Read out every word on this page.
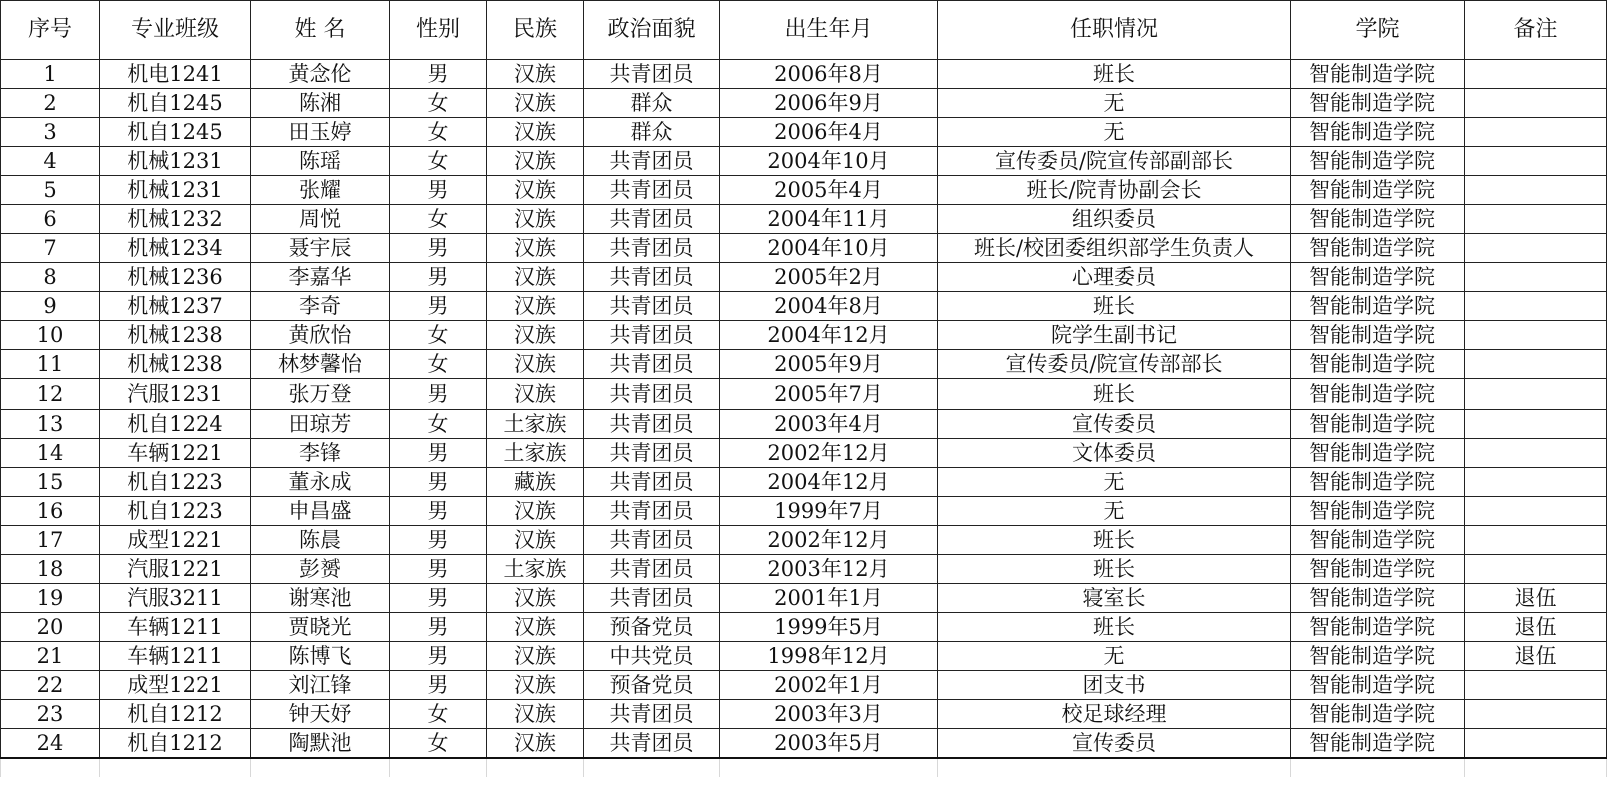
序号	专业班级	姓 名	性别	民族	政治面貌	出生年月	任职情况	学院	备注
1	机电1241	黄念伦	男	汉族	共青团员	2006年8月	班长	智能制造学院	
2	机自1245	陈湘	女	汉族	群众	2006年9月	无	智能制造学院	
3	机自1245	田玉婷	女	汉族	群众	2006年4月	无	智能制造学院	
4	机械1231	陈瑶	女	汉族	共青团员	2004年10月	宣传委员/院宣传部副部长	智能制造学院	
5	机械1231	张耀	男	汉族	共青团员	2005年4月	班长/院青协副会长	智能制造学院	
6	机械1232	周悦	女	汉族	共青团员	2004年11月	组织委员	智能制造学院	
7	机械1234	聂宇辰	男	汉族	共青团员	2004年10月	班长/校团委组织部学生负责人	智能制造学院	
8	机械1236	李嘉华	男	汉族	共青团员	2005年2月	心理委员	智能制造学院	
9	机械1237	李奇	男	汉族	共青团员	2004年8月	班长	智能制造学院	
10	机械1238	黄欣怡	女	汉族	共青团员	2004年12月	院学生副书记	智能制造学院	
11	机械1238	林梦馨怡	女	汉族	共青团员	2005年9月	宣传委员/院宣传部部长	智能制造学院	
12	汽服1231	张万登	男	汉族	共青团员	2005年7月	班长	智能制造学院	
13	机自1224	田琼芳	女	土家族	共青团员	2003年4月	宣传委员	智能制造学院	
14	车辆1221	李锋	男	土家族	共青团员	2002年12月	文体委员	智能制造学院	
15	机自1223	董永成	男	藏族	共青团员	2004年12月	无	智能制造学院	
16	机自1223	申昌盛	男	汉族	共青团员	1999年7月	无	智能制造学院	
17	成型1221	陈晨	男	汉族	共青团员	2002年12月	班长	智能制造学院	
18	汽服1221	彭赟	男	土家族	共青团员	2003年12月	班长	智能制造学院	
19	汽服3211	谢寒池	男	汉族	共青团员	2001年1月	寝室长	智能制造学院	退伍
20	车辆1211	贾晓光	男	汉族	预备党员	1999年5月	班长	智能制造学院	退伍
21	车辆1211	陈博飞	男	汉族	中共党员	1998年12月	无	智能制造学院	退伍
22	成型1221	刘江锋	男	汉族	预备党员	2002年1月	团支书	智能制造学院	
23	机自1212	钟天妤	女	汉族	共青团员	2003年3月	校足球经理	智能制造学院	
24	机自1212	陶默池	女	汉族	共青团员	2003年5月	宣传委员	智能制造学院	
